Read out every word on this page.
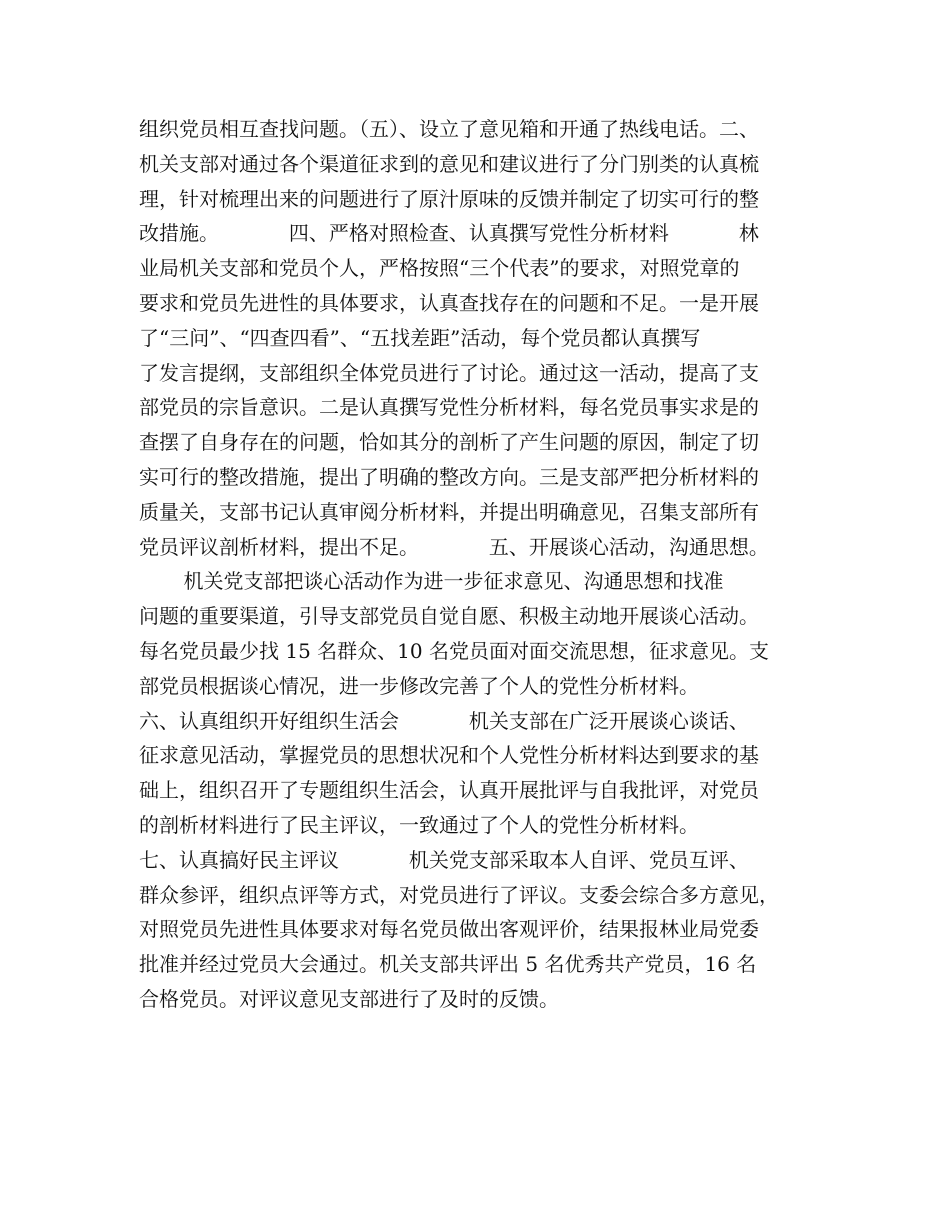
组织党员相互查找问题。（五）、设立了意见箱和开通了热线电话。二、
机关支部对通过各个渠道征求到的意见和建议进行了分门别类的认真梳
理，针对梳理出来的问题进行了原汁原味的反馈并制定了切实可行的整
改措施。           四、严格对照检查、认真撰写党性分析材料           林
业局机关支部和党员个人，严格按照“三个代表”的要求，对照党章的
要求和党员先进性的具体要求，认真查找存在的问题和不足。一是开展
了“三问”、“四查四看”、“五找差距”活动，每个党员都认真撰写
了发言提纲，支部组织全体党员进行了讨论。通过这一活动，提高了支
部党员的宗旨意识。二是认真撰写党性分析材料，每名党员事实求是的
查摆了自身存在的问题，恰如其分的剖析了产生问题的原因，制定了切
实可行的整改措施，提出了明确的整改方向。三是支部严把分析材料的
质量关，支部书记认真审阅分析材料，并提出明确意见，召集支部所有
党员评议剖析材料，提出不足。           五、开展谈心活动，沟通思想。
机关党支部把谈心活动作为进一步征求意见、沟通思想和找准
问题的重要渠道，引导支部党员自觉自愿、积极主动地开展谈心活动。
每名党员最少找 15 名群众、10 名党员面对面交流思想，征求意见。支
部党员根据谈心情况，进一步修改完善了个人的党性分析材料。
六、认真组织开好组织生活会           机关支部在广泛开展谈心谈话、
征求意见活动，掌握党员的思想状况和个人党性分析材料达到要求的基
础上，组织召开了专题组织生活会，认真开展批评与自我批评，对党员
的剖析材料进行了民主评议，一致通过了个人的党性分析材料。
七、认真搞好民主评议           机关党支部采取本人自评、党员互评、
群众参评，组织点评等方式，对党员进行了评议。支委会综合多方意见，
对照党员先进性具体要求对每名党员做出客观评价，结果报林业局党委
批准并经过党员大会通过。机关支部共评出 5 名优秀共产党员，16 名
合格党员。对评议意见支部进行了及时的反馈。
